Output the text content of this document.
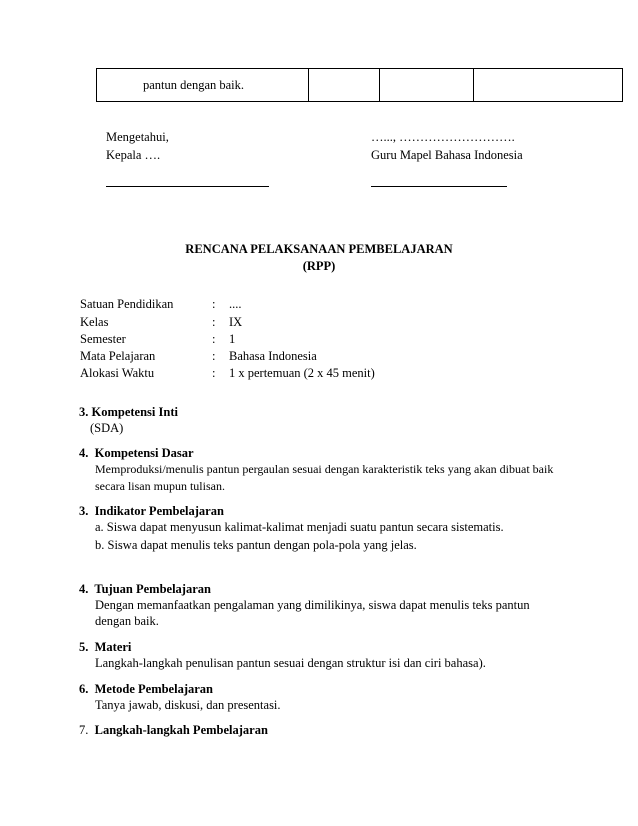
pantun dengan baik.			
Mengetahui,
Kepala ….
…..., ……………………….
Guru Mapel Bahasa Indonesia
RENCANA PELAKSANAAN PEMBELAJARAN
(RPP)
Satuan Pendidikan	: ....
Kelas	: IX
Semester	: 1
Mata Pelajaran	: Bahasa Indonesia
Alokasi Waktu	: 1 x pertemuan (2 x 45 menit)
3. Kompetensi Inti
(SDA)
4. Kompetensi Dasar
Memproduksi/menulis pantun pergaulan sesuai dengan karakteristik teks yang akan dibuat baik
secara lisan mupun tulisan.
3. Indikator Pembelajaran
a. Siswa dapat menyusun kalimat-kalimat menjadi suatu pantun secara sistematis.
b. Siswa dapat menulis teks pantun dengan pola-pola yang jelas.
4. Tujuan Pembelajaran
Dengan memanfaatkan pengalaman yang dimilikinya, siswa dapat menulis teks pantun
dengan baik.
5. Materi
Langkah-langkah penulisan pantun sesuai dengan struktur isi dan ciri bahasa).
6. Metode Pembelajaran
Tanya jawab, diskusi, dan presentasi.
7. Langkah-langkah Pembelajaran
